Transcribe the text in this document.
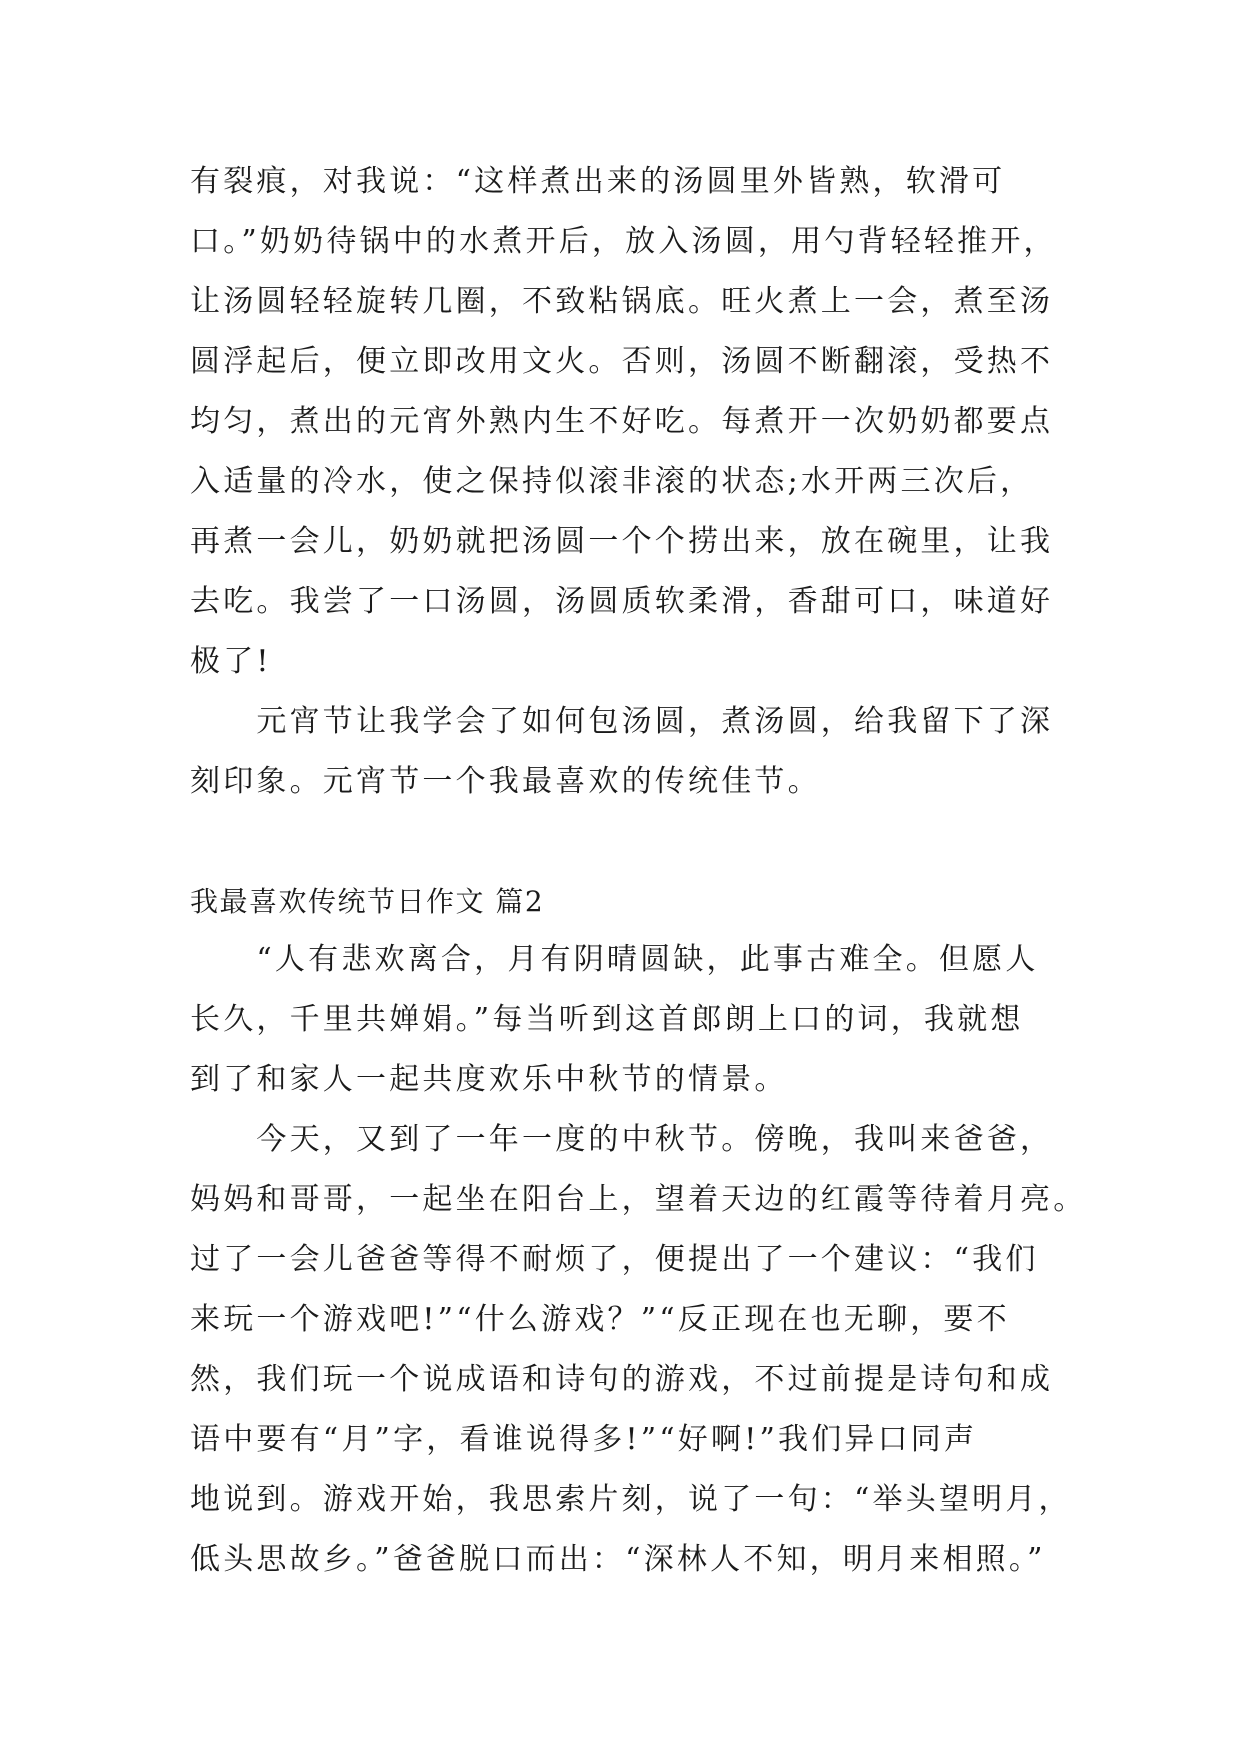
有裂痕，对我说：“这样煮出来的汤圆里外皆熟，软滑可

口。”奶奶待锅中的水煮开后，放入汤圆，用勺背轻轻推开，

让汤圆轻轻旋转几圈，不致粘锅底。旺火煮上一会，煮至汤

圆浮起后，便立即改用文火。否则，汤圆不断翻滚，受热不

均匀，煮出的元宵外熟内生不好吃。每煮开一次奶奶都要点

入适量的冷水，使之保持似滚非滚的状态;水开两三次后，

再煮一会儿，奶奶就把汤圆一个个捞出来，放在碗里，让我

去吃。我尝了一口汤圆，汤圆质软柔滑，香甜可口，味道好

极了!

　　元宵节让我学会了如何包汤圆，煮汤圆，给我留下了深

刻印象。元宵节一个我最喜欢的传统佳节。

我最喜欢传统节日作文 篇2

　　“人有悲欢离合，月有阴晴圆缺，此事古难全。但愿人

长久，千里共婵娟。”每当听到这首郎朗上口的词，我就想

到了和家人一起共度欢乐中秋节的情景。

　　今天，又到了一年一度的中秋节。傍晚，我叫来爸爸，

妈妈和哥哥，一起坐在阳台上，望着天边的红霞等待着月亮。

过了一会儿爸爸等得不耐烦了，便提出了一个建议：“我们

来玩一个游戏吧!”“什么游戏？”“反正现在也无聊，要不

然，我们玩一个说成语和诗句的游戏，不过前提是诗句和成

语中要有“月”字，看谁说得多!”“好啊!”我们异口同声

地说到。游戏开始，我思索片刻，说了一句：“举头望明月，

低头思故乡。”爸爸脱口而出：“深林人不知，明月来相照。”
